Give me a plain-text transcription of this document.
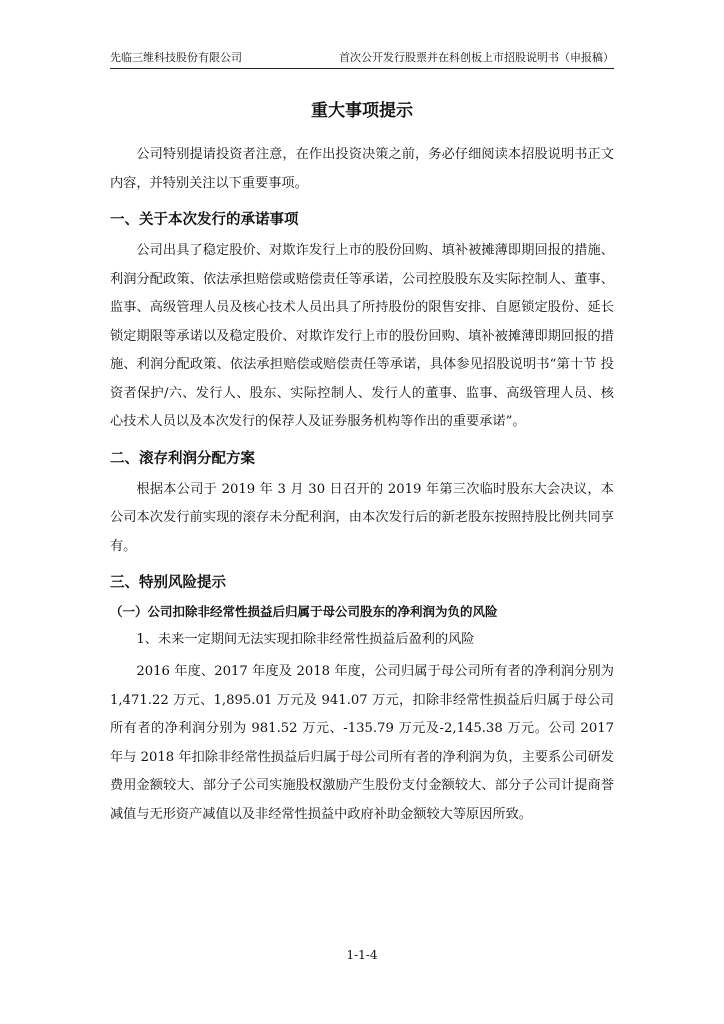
先临三维科技股份有限公司	首次公开发行股票并在科创板上市招股说明书（申报稿）
重大事项提示

公司特别提请投资者注意，在作出投资决策之前，务必仔细阅读本招股说明书正文内容，并特别关注以下重要事项。

一、关于本次发行的承诺事项

公司出具了稳定股价、对欺诈发行上市的股份回购、填补被摊薄即期回报的措施、利润分配政策、依法承担赔偿或赔偿责任等承诺，公司控股股东及实际控制人、董事、监事、高级管理人员及核心技术人员出具了所持股份的限售安排、自愿锁定股份、延长锁定期限等承诺以及稳定股价、对欺诈发行上市的股份回购、填补被摊薄即期回报的措施、利润分配政策、依法承担赔偿或赔偿责任等承诺，具体参见招股说明书“第十节 投资者保护/六、发行人、股东、实际控制人、发行人的董事、监事、高级管理人员、核心技术人员以及本次发行的保荐人及证券服务机构等作出的重要承诺”。

二、滚存利润分配方案

根据本公司于 2019 年 3 月 30 日召开的 2019 年第三次临时股东大会决议，本公司本次发行前实现的滚存未分配利润，由本次发行后的新老股东按照持股比例共同享有。

三、特别风险提示
（一）公司扣除非经常性损益后归属于母公司股东的净利润为负的风险
1、未来一定期间无法实现扣除非经常性损益后盈利的风险

2016 年度、2017 年度及 2018 年度，公司归属于母公司所有者的净利润分别为 1,471.22 万元、1,895.01 万元及 941.07 万元，扣除非经常性损益后归属于母公司所有者的净利润分别为 981.52 万元、-135.79 万元及-2,145.38 万元。公司 2017 年与 2018 年扣除非经常性损益后归属于母公司所有者的净利润为负，主要系公司研发费用金额较大、部分子公司实施股权激励产生股份支付金额较大、部分子公司计提商誉减值与无形资产减值以及非经常性损益中政府补助金额较大等原因所致。

1-1-4
